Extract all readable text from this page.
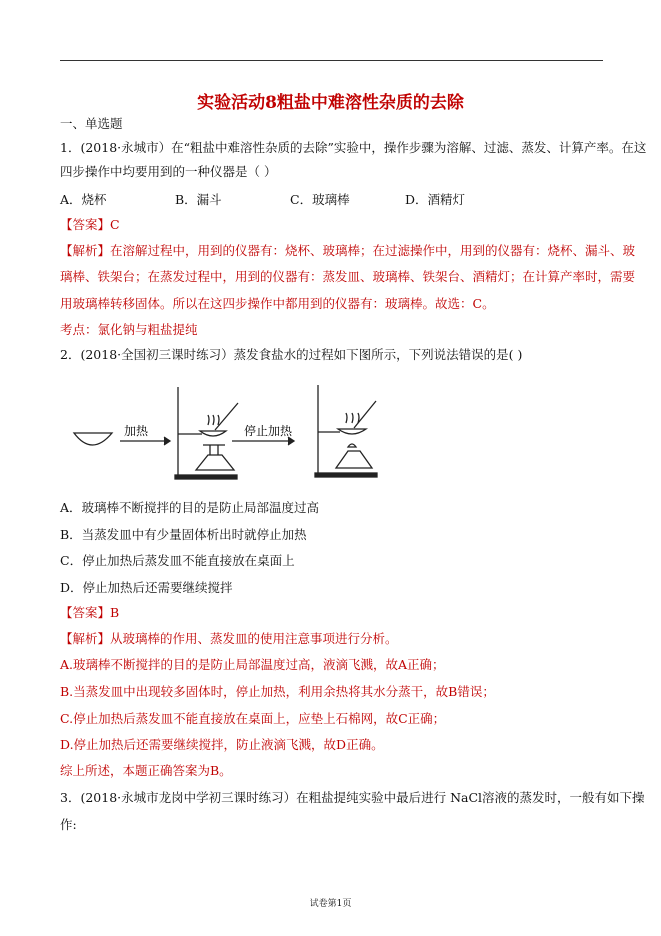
实验活动8粗盐中难溶性杂质的去除
一、单选题
1．(2018·永城市）在“粗盐中难溶性杂质的去除”实验中，操作步骤为溶解、过滤、蒸发、计算产率。在这
四步操作中均要用到的一种仪器是（ ）
A．烧杯	B．漏斗	C．玻璃棒	D．酒精灯
【答案】C
【解析】在溶解过程中，用到的仪器有：烧杯、玻璃棒；在过滤操作中，用到的仪器有：烧杯、漏斗、玻
璃棒、铁架台；在蒸发过程中，用到的仪器有：蒸发皿、玻璃棒、铁架台、酒精灯；在计算产率时，需要
用玻璃棒转移固体。所以在这四步操作中都用到的仪器有：玻璃棒。故选：C。
考点：氯化钠与粗盐提纯
2．(2018·全国初三课时练习）蒸发食盐水的过程如下图所示，下列说法错误的是( )
加热	停止加热
A．玻璃棒不断搅拌的目的是防止局部温度过高
B．当蒸发皿中有少量固体析出时就停止加热
C．停止加热后蒸发皿不能直接放在桌面上
D．停止加热后还需要继续搅拌
【答案】B
【解析】从玻璃棒的作用、蒸发皿的使用注意事项进行分析。
A.玻璃棒不断搅拌的目的是防止局部温度过高，液滴飞溅，故A正确；
B.当蒸发皿中出现较多固体时，停止加热，利用余热将其水分蒸干，故B错误；
C.停止加热后蒸发皿不能直接放在桌面上，应垫上石棉网，故C正确；
D.停止加热后还需要继续搅拌，防止液滴飞溅，故D正确。
综上所述，本题正确答案为B。
3．(2018·永城市龙岗中学初三课时练习）在粗盐提纯实验中最后进行 NaCl溶液的蒸发时，一般有如下操
作:
试卷第1页
